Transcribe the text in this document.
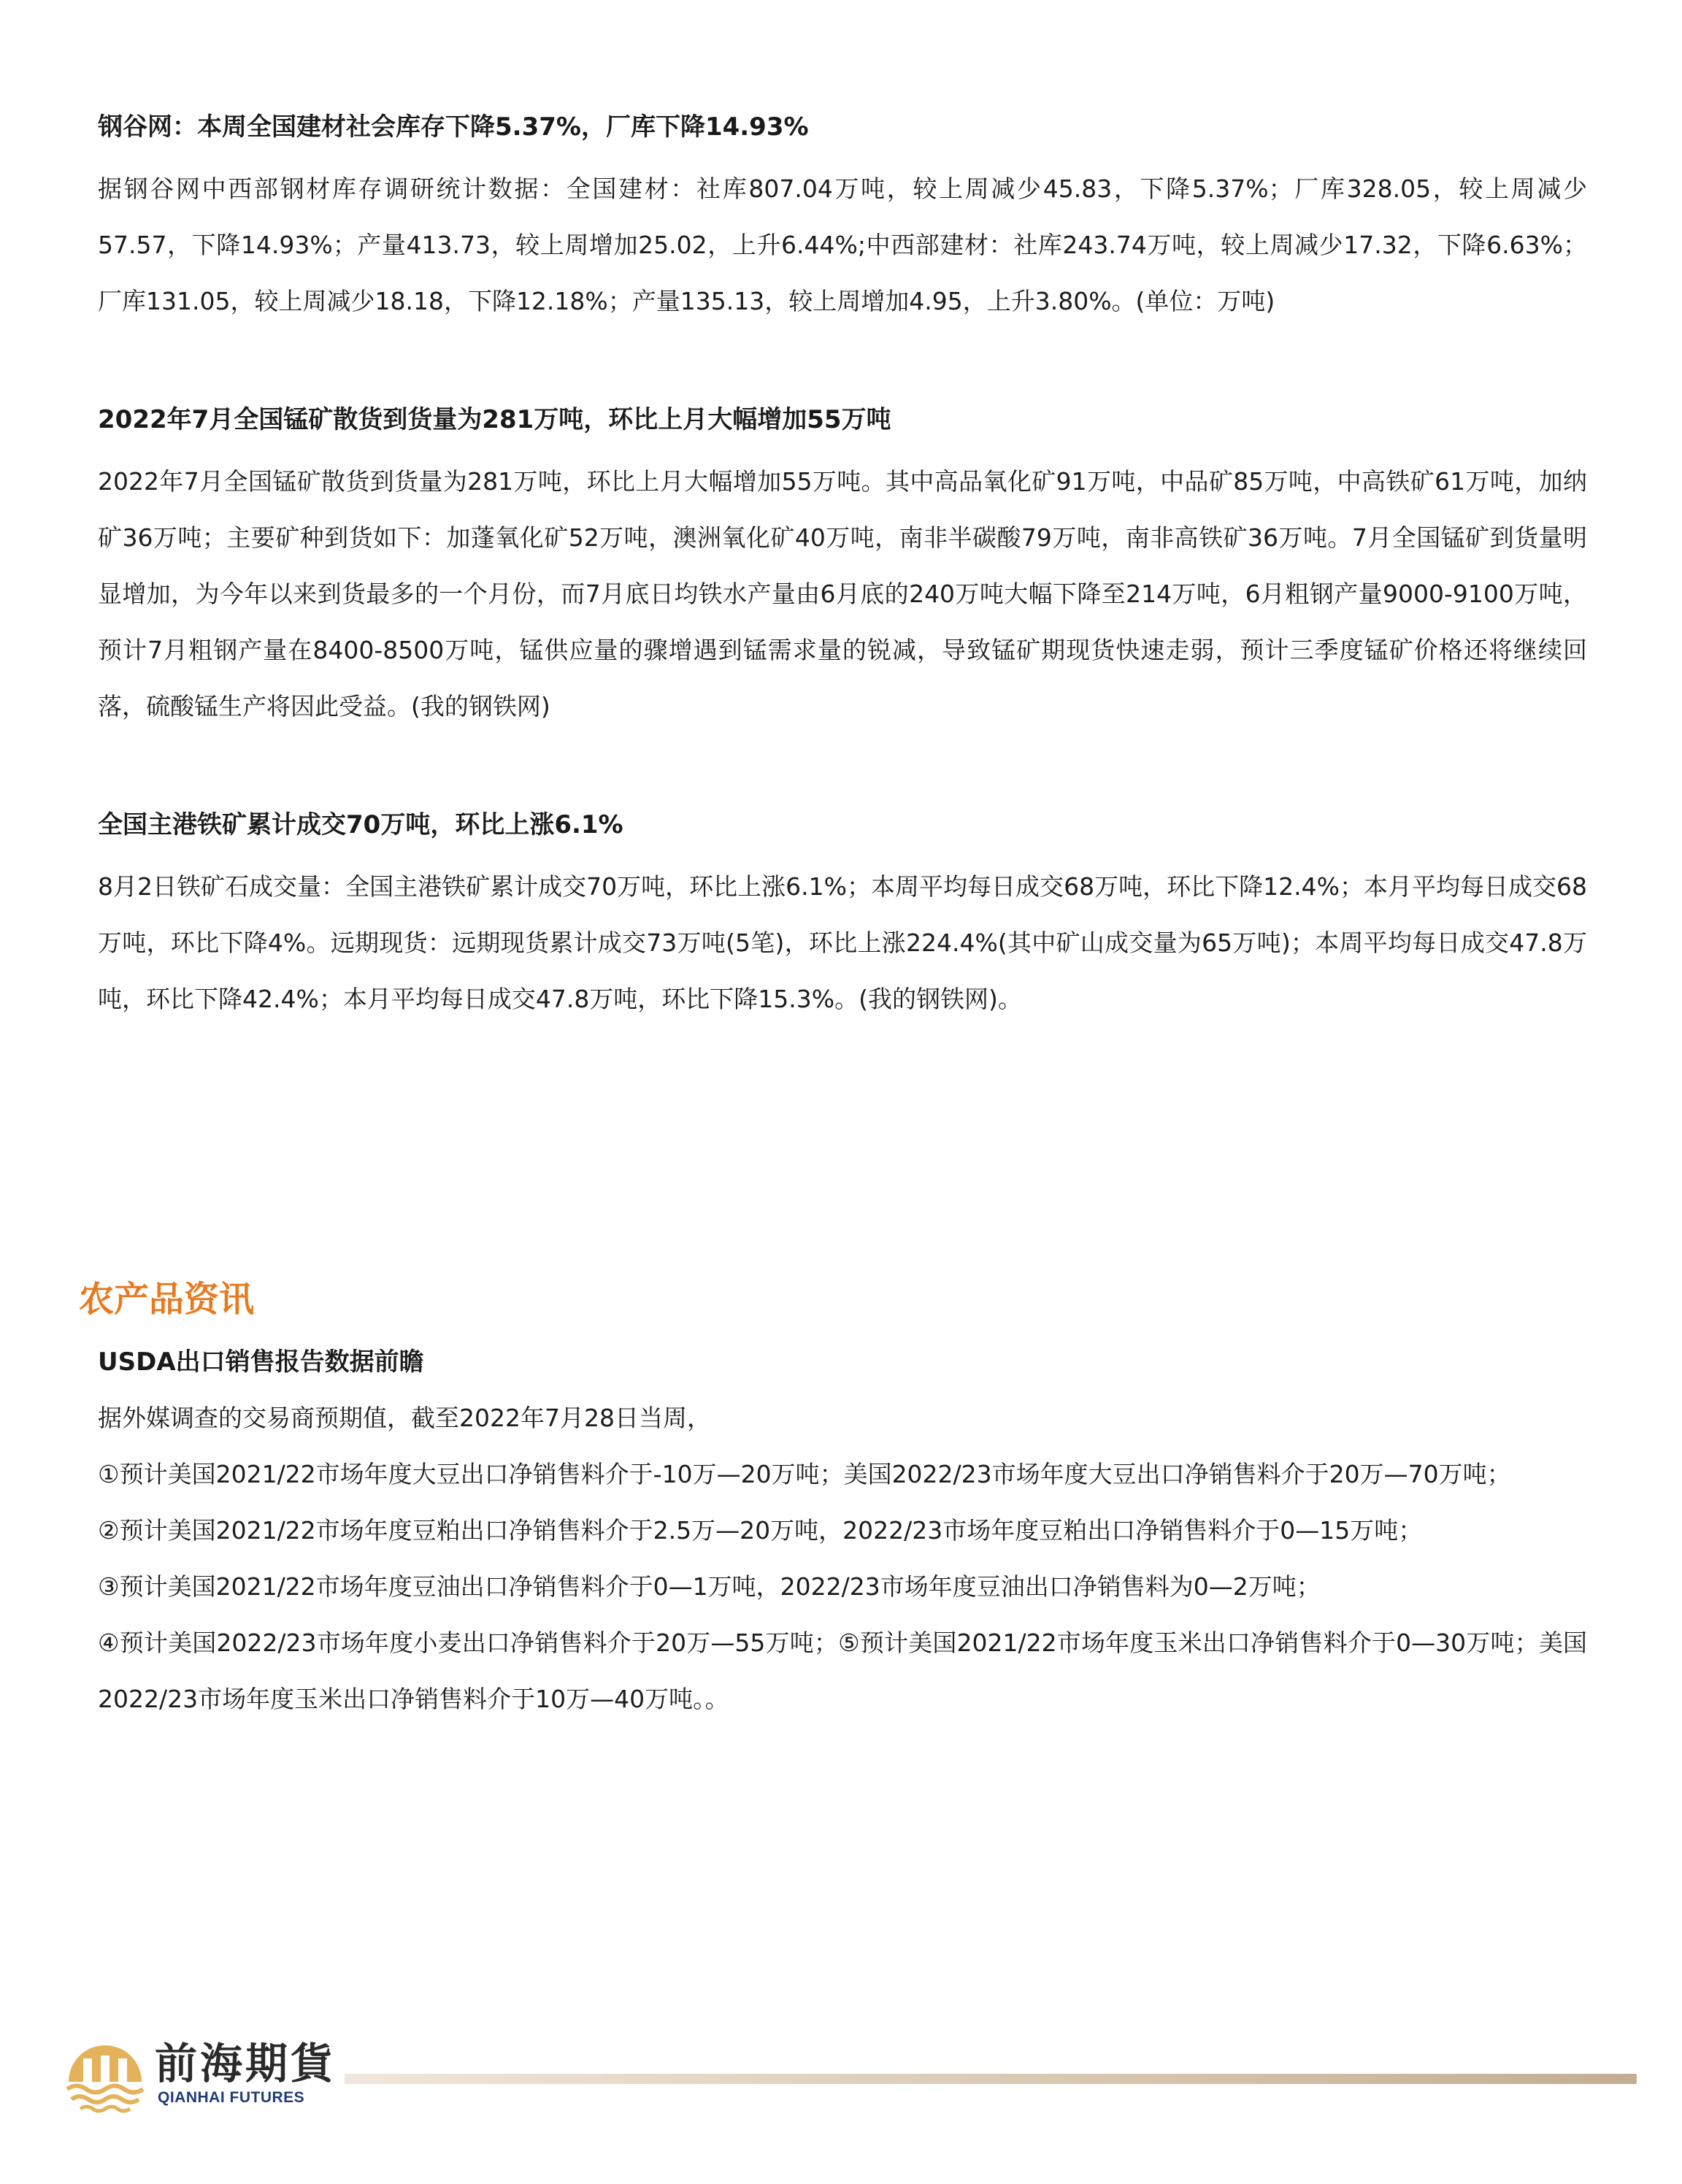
钢谷网：本周全国建材社会库存下降5.37%，厂库下降14.93%

据钢谷网中西部钢材库存调研统计数据：全国建材：社库807.04万吨，较上周减少45.83，下降5.37%；厂库328.05，较上周减少57.57，下降14.93%；产量413.73，较上周增加25.02，上升6.44%;中西部建材：社库243.74万吨，较上周减少17.32，下降6.63%；厂库131.05，较上周减少18.18，下降12.18%；产量135.13，较上周增加4.95，上升3.80%。(单位：万吨)

2022年7月全国锰矿散货到货量为281万吨，环比上月大幅增加55万吨

2022年7月全国锰矿散货到货量为281万吨，环比上月大幅增加55万吨。其中高品氧化矿91万吨，中品矿85万吨，中高铁矿61万吨，加纳矿36万吨；主要矿种到货如下：加蓬氧化矿52万吨，澳洲氧化矿40万吨，南非半碳酸79万吨，南非高铁矿36万吨。7月全国锰矿到货量明显增加，为今年以来到货最多的一个月份，而7月底日均铁水产量由6月底的240万吨大幅下降至214万吨，6月粗钢产量9000-9100万吨，预计7月粗钢产量在8400-8500万吨，锰供应量的骤增遇到锰需求量的锐减，导致锰矿期现货快速走弱，预计三季度锰矿价格还将继续回落，硫酸锰生产将因此受益。(我的钢铁网)

全国主港铁矿累计成交70万吨，环比上涨6.1%

8月2日铁矿石成交量：全国主港铁矿累计成交70万吨，环比上涨6.1%；本周平均每日成交68万吨，环比下降12.4%；本月平均每日成交68万吨，环比下降4%。远期现货：远期现货累计成交73万吨(5笔)，环比上涨224.4%(其中矿山成交量为65万吨)；本周平均每日成交47.8万吨，环比下降42.4%；本月平均每日成交47.8万吨，环比下降15.3%。(我的钢铁网)。

农产品资讯

USDA出口销售报告数据前瞻

据外媒调查的交易商预期值，截至2022年7月28日当周，

①预计美国2021/22市场年度大豆出口净销售料介于-10万—20万吨；美国2022/23市场年度大豆出口净销售料介于20万—70万吨；

②预计美国2021/22市场年度豆粕出口净销售料介于2.5万—20万吨，2022/23市场年度豆粕出口净销售料介于0—15万吨；

③预计美国2021/22市场年度豆油出口净销售料介于0—1万吨，2022/23市场年度豆油出口净销售料为0—2万吨；

④预计美国2022/23市场年度小麦出口净销售料介于20万—55万吨；⑤预计美国2021/22市场年度玉米出口净销售料介于0—30万吨；美国2022/23市场年度玉米出口净销售料介于10万—40万吨。。

前海期貨

QIANHAI FUTURES
